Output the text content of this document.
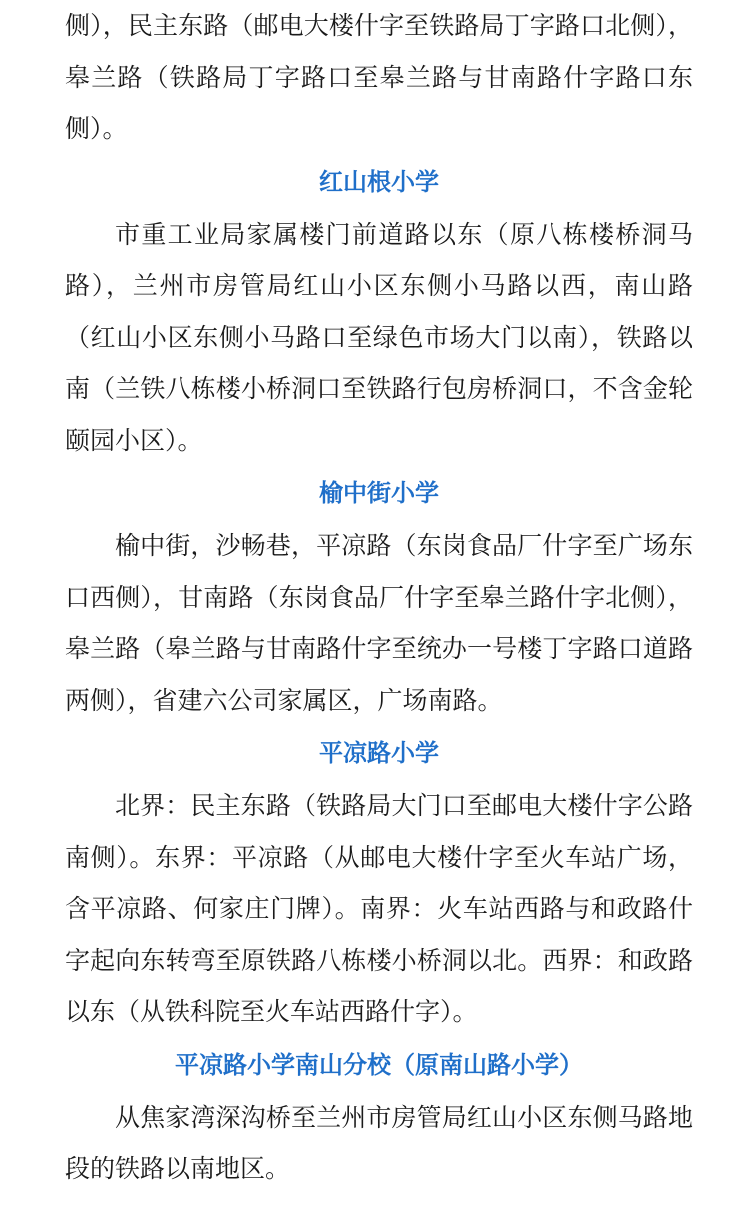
侧），民主东路（邮电大楼什字至铁路局丁字路口北侧），皋兰路（铁路局丁字路口至皋兰路与甘南路什字路口东侧）。

红山根小学

市重工业局家属楼门前道路以东（原八栋楼桥洞马路），兰州市房管局红山小区东侧小马路以西，南山路（红山小区东侧小马路口至绿色市场大门以南），铁路以南（兰铁八栋楼小桥洞口至铁路行包房桥洞口，不含金轮颐园小区）。

榆中街小学

榆中街，沙畅巷，平凉路（东岗食品厂什字至广场东口西侧），甘南路（东岗食品厂什字至皋兰路什字北侧），皋兰路（皋兰路与甘南路什字至统办一号楼丁字路口道路两侧），省建六公司家属区，广场南路。

平凉路小学

北界：民主东路（铁路局大门口至邮电大楼什字公路南侧）。东界：平凉路（从邮电大楼什字至火车站广场，含平凉路、何家庄门牌）。南界：火车站西路与和政路什字起向东转弯至原铁路八栋楼小桥洞以北。西界：和政路以东（从铁科院至火车站西路什字）。

平凉路小学南山分校（原南山路小学）

从焦家湾深沟桥至兰州市房管局红山小区东侧马路地段的铁路以南地区。
